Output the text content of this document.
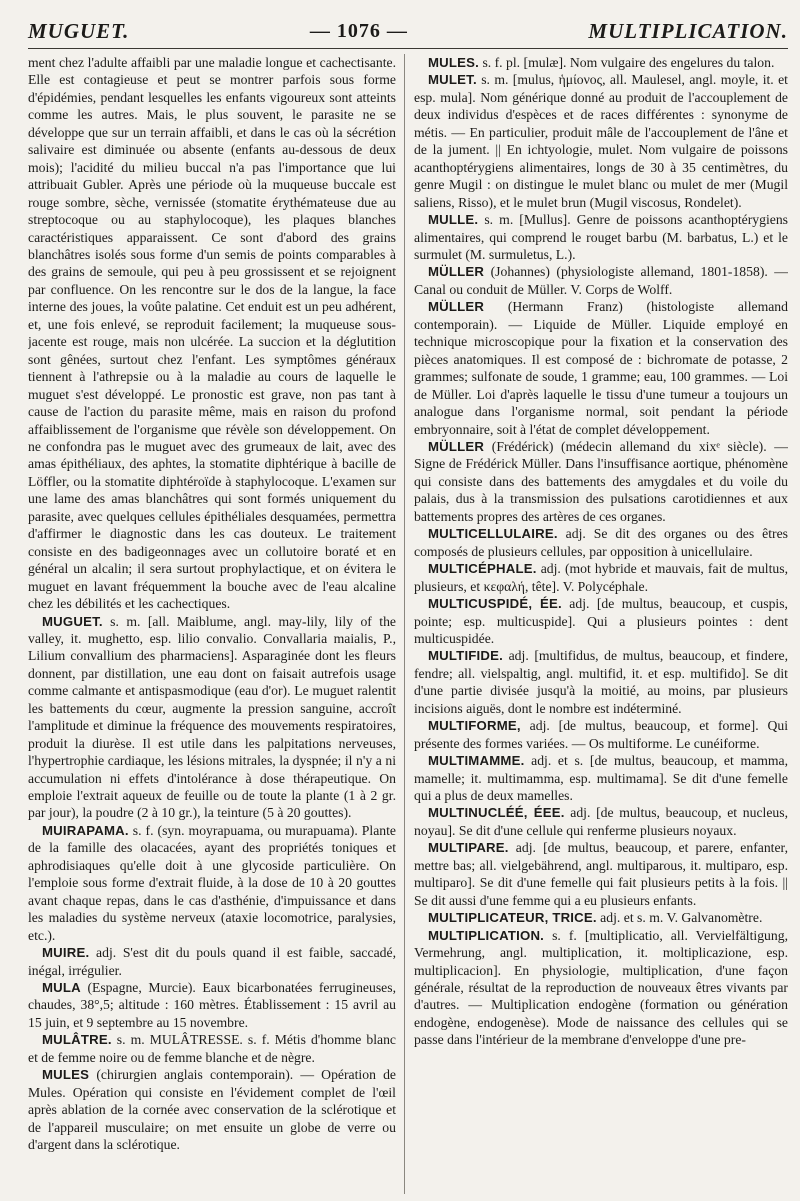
MUGUET.	— 1076 —	MULTIPLICATION.

ment chez l'adulte affaibli par une maladie longue et cachectisante. Elle est contagieuse et peut se montrer parfois sous forme d'épidémies, pendant lesquelles les enfants vigoureux sont atteints comme les autres. Mais, le plus souvent, le parasite ne se développe que sur un terrain affaibli, et dans le cas où la sécrétion salivaire est diminuée ou absente (enfants au-dessous de deux mois); l'acidité du milieu buccal n'a pas l'importance que lui attribuait Gubler. Après une période où la muqueuse buccale est rouge sombre, sèche, vernissée (stomatite érythémateuse due au streptocoque ou au staphylocoque), les plaques blanches caractéristiques apparaissent. Ce sont d'abord des grains blanchâtres isolés sous forme d'un semis de points comparables à des grains de semoule, qui peu à peu grossissent et se rejoignent par confluence. On les rencontre sur le dos de la langue, la face interne des joues, la voûte palatine. Cet enduit est un peu adhérent, et, une fois enlevé, se reproduit facilement; la muqueuse sous-jacente est rouge, mais non ulcérée. La succion et la déglutition sont gênées, surtout chez l'enfant. Les symptômes généraux tiennent à l'athrepsie ou à la maladie au cours de laquelle le muguet s'est développé. Le pronostic est grave, non pas tant à cause de l'action du parasite même, mais en raison du profond affaiblissement de l'organisme que révèle son développement. On ne confondra pas le muguet avec des grumeaux de lait, avec des amas épithéliaux, des aphtes, la stomatite diphtérique à bacille de Löffler, ou la stomatite diphtéroïde à staphylocoque. L'examen sur une lame des amas blanchâtres qui sont formés uniquement du parasite, avec quelques cellules épithéliales desquamées, permettra d'affirmer le diagnostic dans les cas douteux. Le traitement consiste en des badigeonnages avec un collutoire boraté et en général un alcalin; il sera surtout prophylactique, et on évitera le muguet en lavant fréquemment la bouche avec de l'eau alcaline chez les débilités et les cachectiques.

MUGUET. s. m. [all. Maiblume, angl. may-lily, lily of the valley, it. mughetto, esp. lilio convalio. Convallaria maialis, P., Lilium convallium des pharmaciens]. Asparaginée dont les fleurs donnent, par distillation, une eau dont on faisait autrefois usage comme calmante et antispasmodique (eau d'or). Le muguet ralentit les battements du cœur, augmente la pression sanguine, accroît l'amplitude et diminue la fréquence des mouvements respiratoires, produit la diurèse. Il est utile dans les palpitations nerveuses, l'hypertrophie cardiaque, les lésions mitrales, la dyspnée; il n'y a ni accumulation ni effets d'intolérance à dose thérapeutique. On emploie l'extrait aqueux de feuille ou de toute la plante (1 à 2 gr. par jour), la poudre (2 à 10 gr.), la teinture (5 à 20 gouttes).

MUIRAPAMA. s. f. (syn. moyrapuama, ou murapuama). Plante de la famille des olacacées, ayant des propriétés toniques et aphrodisiaques qu'elle doit à une glycoside particulière. On l'emploie sous forme d'extrait fluide, à la dose de 10 à 20 gouttes avant chaque repas, dans le cas d'asthénie, d'impuissance et dans les maladies du système nerveux (ataxie locomotrice, paralysies, etc.).

MUIRE. adj. S'est dit du pouls quand il est faible, saccadé, inégal, irrégulier.

MULA (Espagne, Murcie). Eaux bicarbonatées ferrugineuses, chaudes, 38°,5; altitude : 160 mètres. Établissement : 15 avril au 15 juin, et 9 septembre au 15 novembre.

MULÂTRE. s. m. MULÂTRESSE. s. f. Métis d'homme blanc et de femme noire ou de femme blanche et de nègre.

MULES (chirurgien anglais contemporain). — Opération de Mules. Opération qui consiste en l'évidement complet de l'œil après ablation de la cornée avec conservation de la sclérotique et de l'appareil musculaire; on met ensuite un globe de verre ou d'argent dans la sclérotique.

MULES. s. f. pl. [mulæ]. Nom vulgaire des engelures du talon.

MULET. s. m. [mulus, ἡμίονος, all. Maulesel, angl. moyle, it. et esp. mula]. Nom générique donné au produit de l'accouplement de deux individus d'espèces et de races différentes : synonyme de métis. — En particulier, produit mâle de l'accouplement de l'âne et de la jument. || En ichtyologie, mulet. Nom vulgaire de poissons acanthoptérygiens alimentaires, longs de 30 à 35 centimètres, du genre Mugil : on distingue le mulet blanc ou mulet de mer (Mugil saliens, Risso), et le mulet brun (Mugil viscosus, Rondelet).

MULLE. s. m. [Mullus]. Genre de poissons acanthoptérygiens alimentaires, qui comprend le rouget barbu (M. barbatus, L.) et le surmulet (M. surmuletus, L.).

MÜLLER (Johannes) (physiologiste allemand, 1801-1858). — Canal ou conduit de Müller. V. Corps de Wolff.

MÜLLER (Hermann Franz) (histologiste allemand contemporain). — Liquide de Müller. Liquide employé en technique microscopique pour la fixation et la conservation des pièces anatomiques. Il est composé de : bichromate de potasse, 2 grammes; sulfonate de soude, 1 gramme; eau, 100 grammes. — Loi de Müller. Loi d'après laquelle le tissu d'une tumeur a toujours un analogue dans l'organisme normal, soit pendant la période embryonnaire, soit à l'état de complet développement.

MÜLLER (Frédérick) (médecin allemand du xixᵉ siècle). — Signe de Frédérick Müller. Dans l'insuffisance aortique, phénomène qui consiste dans des battements des amygdales et du voile du palais, dus à la transmission des pulsations carotidiennes et aux battements propres des artères de ces organes.

MULTICELLULAIRE. adj. Se dit des organes ou des êtres composés de plusieurs cellules, par opposition à unicellulaire.

MULTICÉPHALE. adj. (mot hybride et mauvais, fait de multus, plusieurs, et κεφαλή, tête]. V. Polycéphale.

MULTICUSPIDÉ, ÉE. adj. [de multus, beaucoup, et cuspis, pointe; esp. multicuspide]. Qui a plusieurs pointes : dent multicuspidée.

MULTIFIDE. adj. [multifidus, de multus, beaucoup, et findere, fendre; all. vielspaltig, angl. multifid, it. et esp. multifido]. Se dit d'une partie divisée jusqu'à la moitié, au moins, par plusieurs incisions aiguës, dont le nombre est indéterminé.

MULTIFORME, adj. [de multus, beaucoup, et forme]. Qui présente des formes variées. — Os multiforme. Le cunéiforme.

MULTIMAMME. adj. et s. [de multus, beaucoup, et mamma, mamelle; it. multimamma, esp. multimama]. Se dit d'une femelle qui a plus de deux mamelles.

MULTINUCLÉÉ, ÉEE. adj. [de multus, beaucoup, et nucleus, noyau]. Se dit d'une cellule qui renferme plusieurs noyaux.

MULTIPARE. adj. [de multus, beaucoup, et parere, enfanter, mettre bas; all. vielgebährend, angl. multiparous, it. multiparo, esp. multiparo]. Se dit d'une femelle qui fait plusieurs petits à la fois. || Se dit aussi d'une femme qui a eu plusieurs enfants.

MULTIPLICATEUR, TRICE. adj. et s. m. V. Galvanomètre.

MULTIPLICATION. s. f. [multiplicatio, all. Vervielfältigung, Vermehrung, angl. multiplication, it. moltiplicazione, esp. multiplicacion]. En physiologie, multiplication, d'une façon générale, résultat de la reproduction de nouveaux êtres vivants par d'autres. — Multiplication endogène (formation ou génération endogène, endogenèse). Mode de naissance des cellules qui se passe dans l'intérieur de la membrane d'enveloppe d'une pre-
